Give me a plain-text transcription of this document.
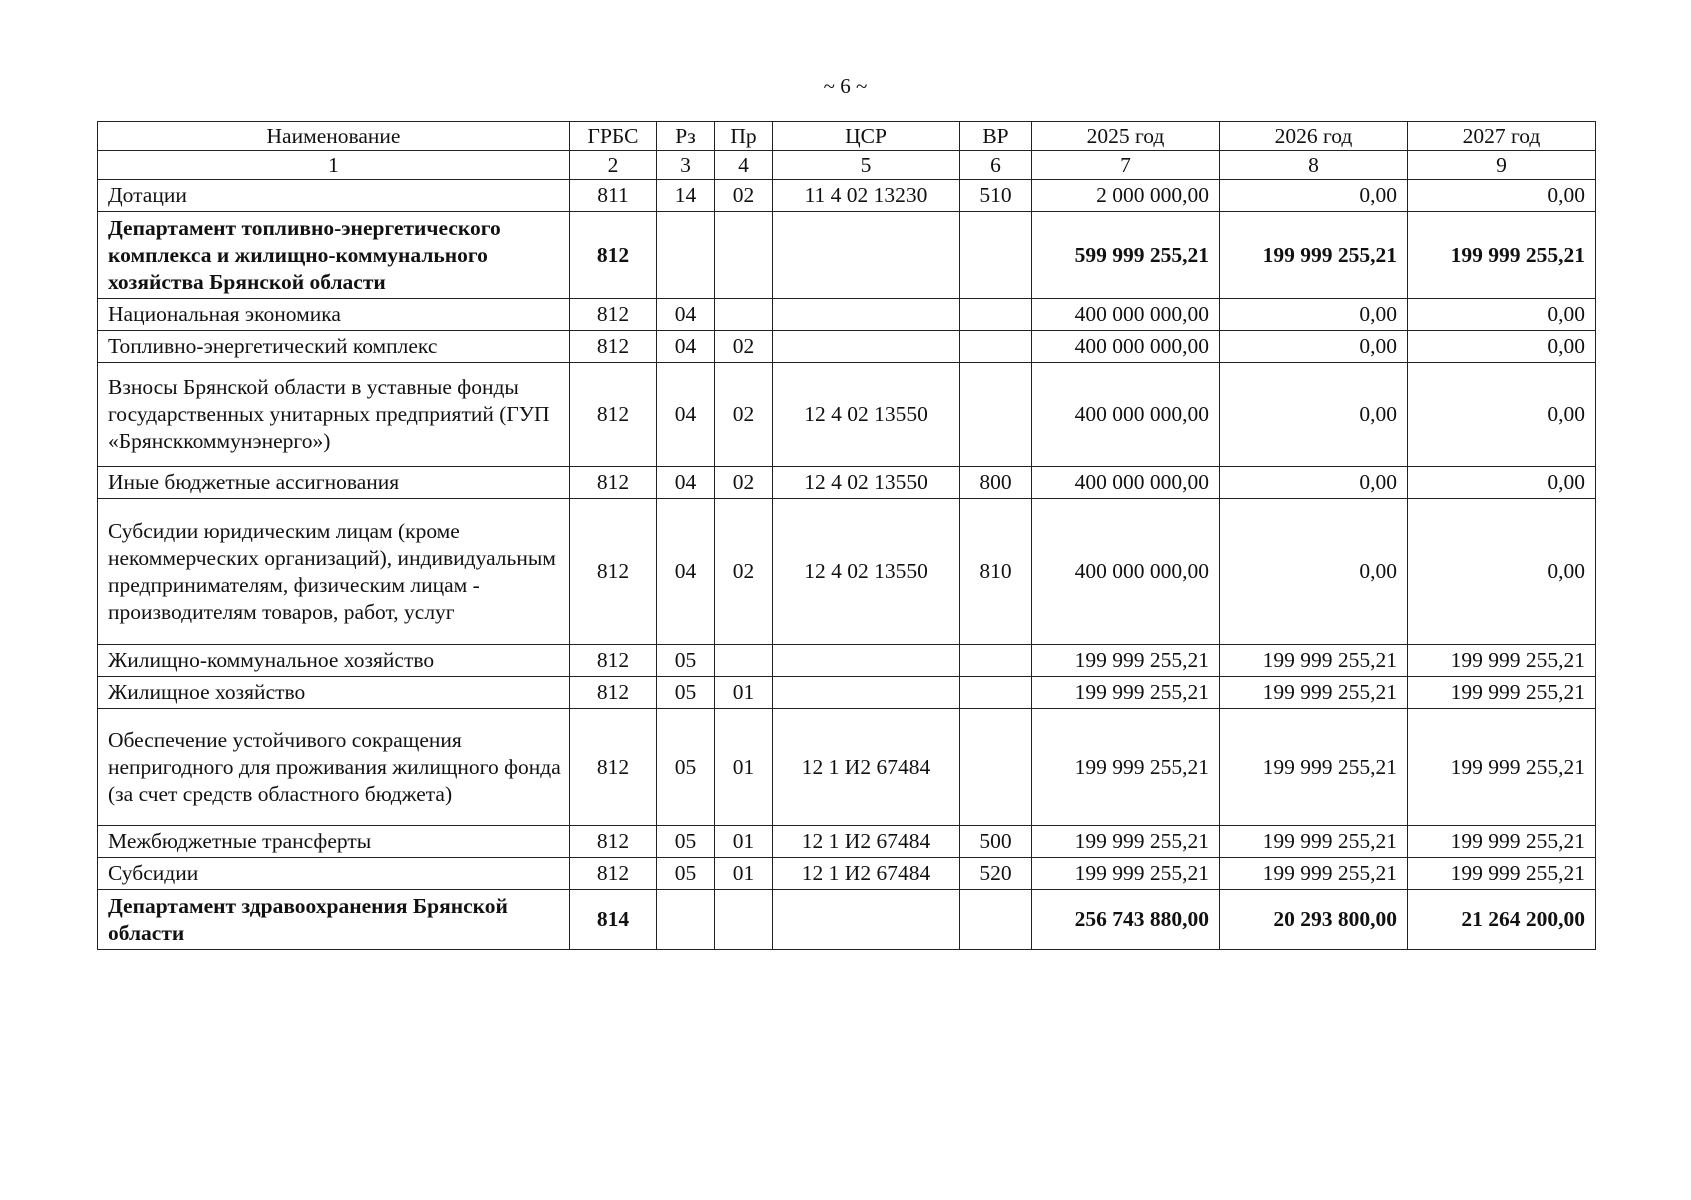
~ 6 ~
Наименование	ГРБС	Рз	Пр	ЦСР	ВР	2025 год	2026 год	2027 год
1	2	3	4	5	6	7	8	9
Дотации	811	14	02	11 4 02 13230	510	2 000 000,00	0,00	0,00
Департамент топливно-энергетического комплекса и жилищно-коммунального хозяйства Брянской области	812					599 999 255,21	199 999 255,21	199 999 255,21
Национальная экономика	812	04				400 000 000,00	0,00	0,00
Топливно-энергетический комплекс	812	04	02			400 000 000,00	0,00	0,00
Взносы Брянской области в уставные фонды государственных унитарных предприятий (ГУП «Брянсккоммунэнерго»)	812	04	02	12 4 02 13550		400 000 000,00	0,00	0,00
Иные бюджетные ассигнования	812	04	02	12 4 02 13550	800	400 000 000,00	0,00	0,00
Субсидии юридическим лицам (кроме некоммерческих организаций), индивидуальным предпринимателям, физическим лицам - производителям товаров, работ, услуг	812	04	02	12 4 02 13550	810	400 000 000,00	0,00	0,00
Жилищно-коммунальное хозяйство	812	05				199 999 255,21	199 999 255,21	199 999 255,21
Жилищное хозяйство	812	05	01			199 999 255,21	199 999 255,21	199 999 255,21
Обеспечение устойчивого сокращения непригодного для проживания жилищного фонда (за счет средств областного бюджета)	812	05	01	12 1 И2 67484		199 999 255,21	199 999 255,21	199 999 255,21
Межбюджетные трансферты	812	05	01	12 1 И2 67484	500	199 999 255,21	199 999 255,21	199 999 255,21
Субсидии	812	05	01	12 1 И2 67484	520	199 999 255,21	199 999 255,21	199 999 255,21
Департамент здравоохранения Брянской области	814					256 743 880,00	20 293 800,00	21 264 200,00
